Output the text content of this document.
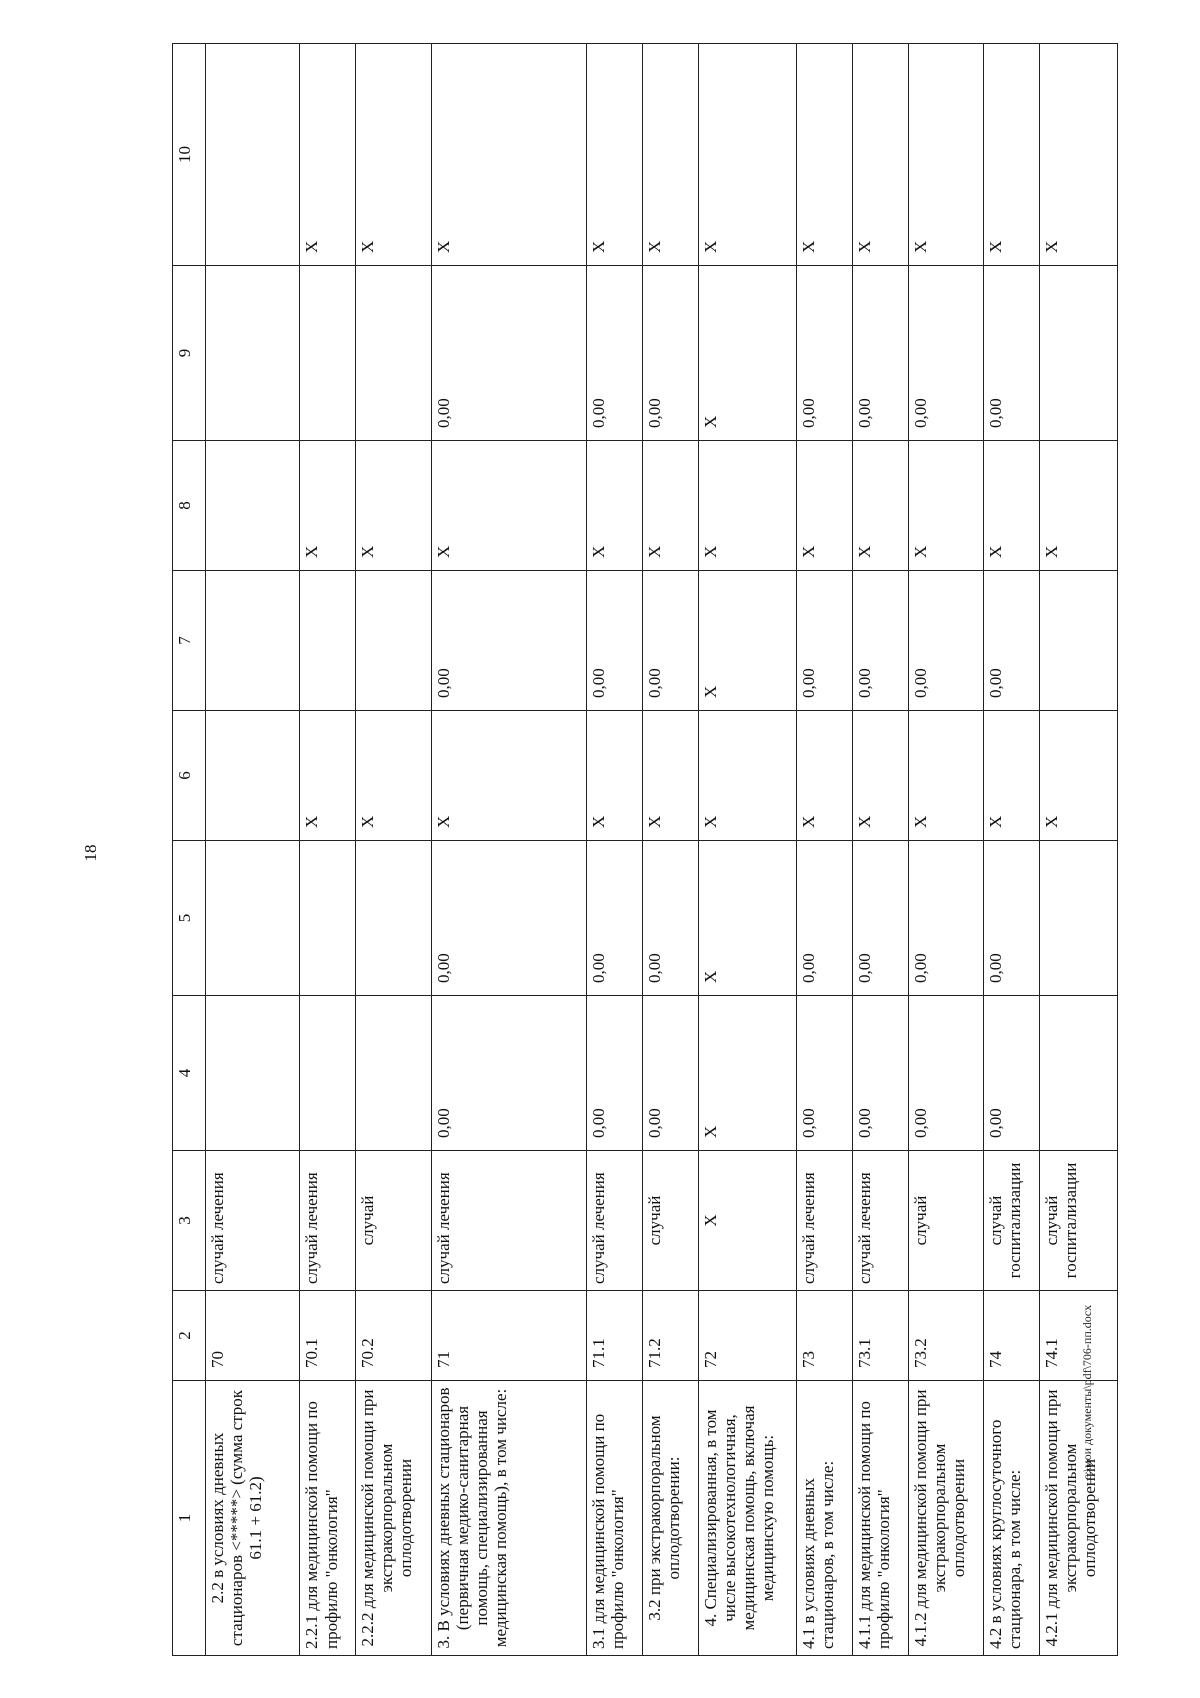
18
1	2	3	4	5	6	7	8	9	10
2.2 в условиях дневных стационаров <*****> (сумма строк 61.1 + 61.2)	70	случай лечения							
2.2.1 для медицинской помощи по профилю "онкология"	70.1	случай лечения			X		X		X
2.2.2 для медицинской помощи при экстракорпоральном оплодотворении	70.2	случай			X		X		X
3. В условиях дневных стационаров (первичная медико-санитарная помощь, специализированная медицинская помощь), в том числе:	71	случай лечения	0,00	0,00	X	0,00	X	0,00	X
3.1 для медицинской помощи по профилю "онкология"	71.1	случай лечения	0,00	0,00	X	0,00	X	0,00	X
3.2 при экстракорпоральном оплодотворении:	71.2	случай	0,00	0,00	X	0,00	X	0,00	X
4. Специализированная, в том числе высокотехнологичная, медицинская помощь, включая медицинскую помощь:	72	X	X	X	X	X	X	X	X
4.1 в условиях дневных стационаров, в том числе:	73	случай лечения	0,00	0,00	X	0,00	X	0,00	X
4.1.1 для медицинской помощи по профилю "онкология"	73.1	случай лечения	0,00	0,00	X	0,00	X	0,00	X
4.1.2 для медицинской помощи при экстракорпоральном оплодотворении	73.2	случай	0,00	0,00	X	0,00	X	0,00	X
4.2 в условиях круглосуточного стационара, в том числе:	74	случай госпитализации	0,00	0,00	X	0,00	X	0,00	X
4.2.1 для медицинской помощи при экстракорпоральном оплодотворении	74.1	случай госпитализации			X		X		X
c:\мои документы\pdf\706-пп.docx
